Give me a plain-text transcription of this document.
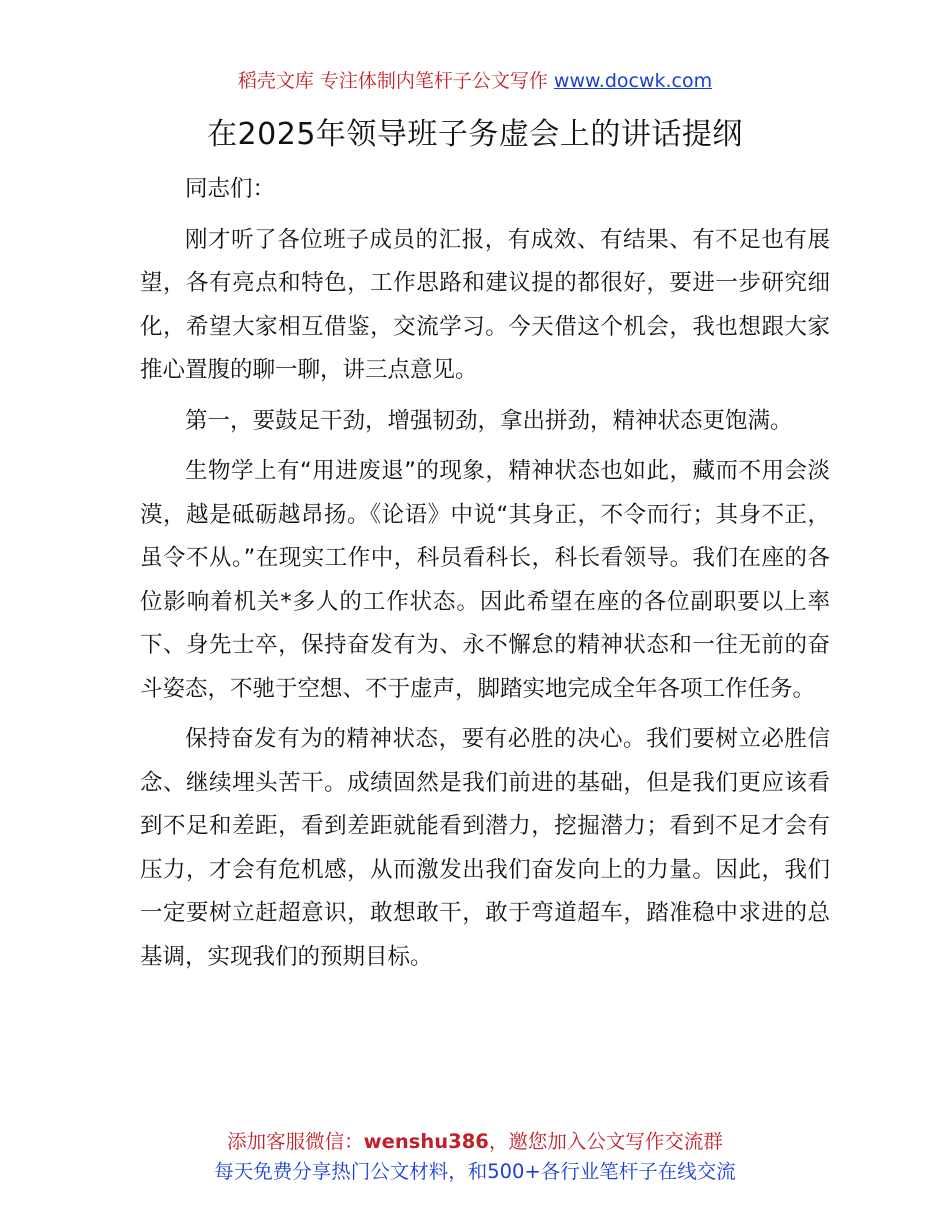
稻壳文库 专注体制内笔杆子公文写作 www.docwk.com
在2025年领导班子务虚会上的讲话提纲

同志们：

刚才听了各位班子成员的汇报，有成效、有结果、有不足也有展望，各有亮点和特色，工作思路和建议提的都很好，要进一步研究细化，希望大家相互借鉴，交流学习。今天借这个机会，我也想跟大家推心置腹的聊一聊，讲三点意见。

第一，要鼓足干劲，增强韧劲，拿出拼劲，精神状态更饱满。

生物学上有“用进废退”的现象，精神状态也如此，藏而不用会淡漠，越是砥砺越昂扬。《论语》中说“其身正，不令而行；其身不正，虽令不从。”在现实工作中，科员看科长，科长看领导。我们在座的各位影响着机关*多人的工作状态。因此希望在座的各位副职要以上率下、身先士卒，保持奋发有为、永不懈怠的精神状态和一往无前的奋斗姿态，不驰于空想、不于虚声，脚踏实地完成全年各项工作任务。

保持奋发有为的精神状态，要有必胜的决心。我们要树立必胜信念、继续埋头苦干。成绩固然是我们前进的基础，但是我们更应该看到不足和差距，看到差距就能看到潜力，挖掘潜力；看到不足才会有压力，才会有危机感，从而激发出我们奋发向上的力量。因此，我们一定要树立赶超意识，敢想敢干，敢于弯道超车，踏准稳中求进的总基调，实现我们的预期目标。

添加客服微信：wenshu386，邀您加入公文写作交流群
每天免费分享热门公文材料，和500+各行业笔杆子在线交流
